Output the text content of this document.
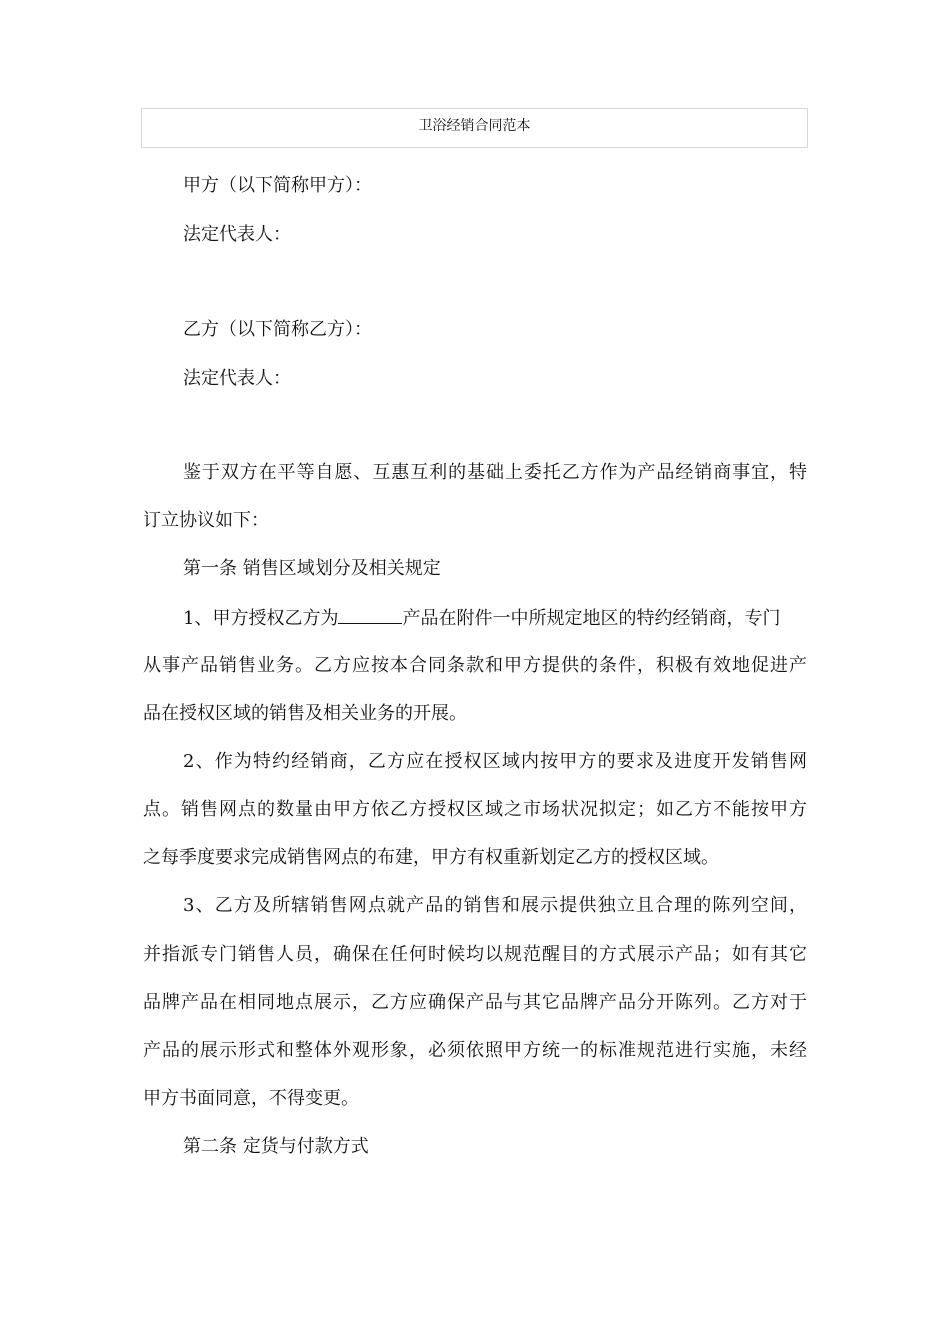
卫浴经销合同范本
甲方（以下简称甲方）：
法定代表人：
乙方（以下简称乙方）：
法定代表人：
鉴于双方在平等自愿、互惠互利的基础上委托乙方作为产品经销商事宜，特
订立协议如下：
第一条 销售区域划分及相关规定
1、甲方授权乙方为	产品在附件一中所规定地区的特约经销商，专门
从事产品销售业务。乙方应按本合同条款和甲方提供的条件，积极有效地促进产
品在授权区域的销售及相关业务的开展。
2、作为特约经销商，乙方应在授权区域内按甲方的要求及进度开发销售网
点。销售网点的数量由甲方依乙方授权区域之市场状况拟定；如乙方不能按甲方
之每季度要求完成销售网点的布建，甲方有权重新划定乙方的授权区域。
3、乙方及所辖销售网点就产品的销售和展示提供独立且合理的陈列空间，
并指派专门销售人员，确保在任何时候均以规范醒目的方式展示产品；如有其它
品牌产品在相同地点展示，乙方应确保产品与其它品牌产品分开陈列。乙方对于
产品的展示形式和整体外观形象，必须依照甲方统一的标准规范进行实施，未经
甲方书面同意，不得变更。
第二条 定货与付款方式
